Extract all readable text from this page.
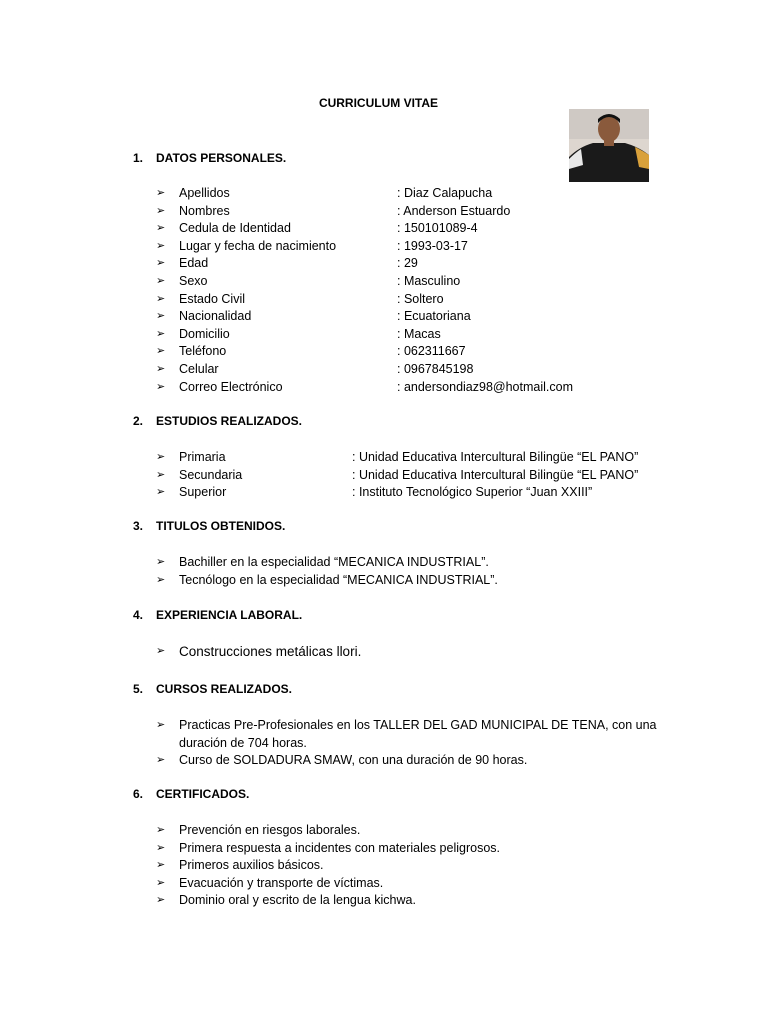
CURRICULUM VITAE
1. DATOS PERSONALES.
➢ Apellidos	: Diaz Calapucha
➢ Nombres	: Anderson Estuardo
➢ Cedula de Identidad	: 150101089-4
➢ Lugar y fecha de nacimiento	: 1993-03-17
➢ Edad	: 29
➢ Sexo	: Masculino
➢ Estado Civil	: Soltero
➢ Nacionalidad	: Ecuatoriana
➢ Domicilio	: Macas
➢ Teléfono	: 062311667
➢ Celular	: 0967845198
➢ Correo Electrónico	: andersondiaz98@hotmail.com
2. ESTUDIOS REALIZADOS.
➢ Primaria	: Unidad Educativa Intercultural Bilingüe “EL PANO”
➢ Secundaria	: Unidad Educativa Intercultural Bilingüe “EL PANO”
➢ Superior	: Instituto Tecnológico Superior “Juan XXIII”
3. TITULOS OBTENIDOS.
➢ Bachiller en la especialidad “MECANICA INDUSTRIAL”.
➢ Tecnólogo en la especialidad “MECANICA INDUSTRIAL”.
4. EXPERIENCIA LABORAL.
➢ Construcciones metálicas llori.
5. CURSOS REALIZADOS.
➢ Practicas Pre-Profesionales en los TALLER DEL GAD MUNICIPAL DE TENA, con una
duración de 704 horas.
➢ Curso de SOLDADURA SMAW, con una duración de 90 horas.
6. CERTIFICADOS.
➢ Prevención en riesgos laborales.
➢ Primera respuesta a incidentes con materiales peligrosos.
➢ Primeros auxilios básicos.
➢ Evacuación y transporte de víctimas.
➢ Dominio oral y escrito de la lengua kichwa.
